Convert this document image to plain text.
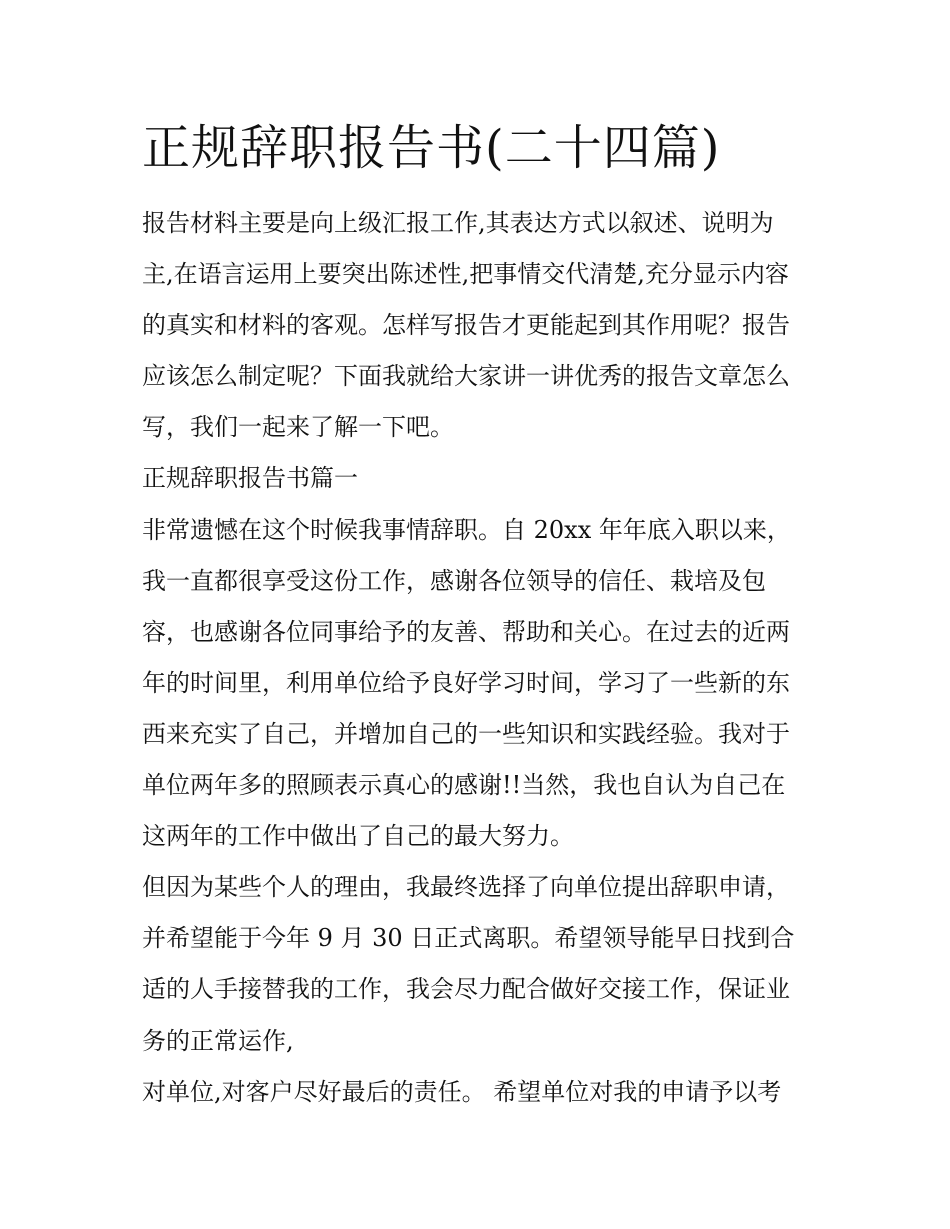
正规辞职报告书(二十四篇)
报告材料主要是向上级汇报工作,其表达方式以叙述、说明为
主,在语言运用上要突出陈述性,把事情交代清楚,充分显示内容
的真实和材料的客观。怎样写报告才更能起到其作用呢？报告
应该怎么制定呢？下面我就给大家讲一讲优秀的报告文章怎么
写，我们一起来了解一下吧。
正规辞职报告书篇一
非常遗憾在这个时候我事情辞职。自 20xx 年年底入职以来，
我一直都很享受这份工作，感谢各位领导的信任、栽培及包
容，也感谢各位同事给予的友善、帮助和关心。在过去的近两
年的时间里，利用单位给予良好学习时间，学习了一些新的东
西来充实了自己，并增加自己的一些知识和实践经验。我对于
单位两年多的照顾表示真心的感谢!!当然，我也自认为自己在
这两年的工作中做出了自己的最大努力。
但因为某些个人的理由，我最终选择了向单位提出辞职申请，
并希望能于今年 9 月 30 日正式离职。希望领导能早日找到合
适的人手接替我的工作，我会尽力配合做好交接工作，保证业
务的正常运作,
对单位,对客户尽好最后的责任。 希望单位对我的申请予以考
